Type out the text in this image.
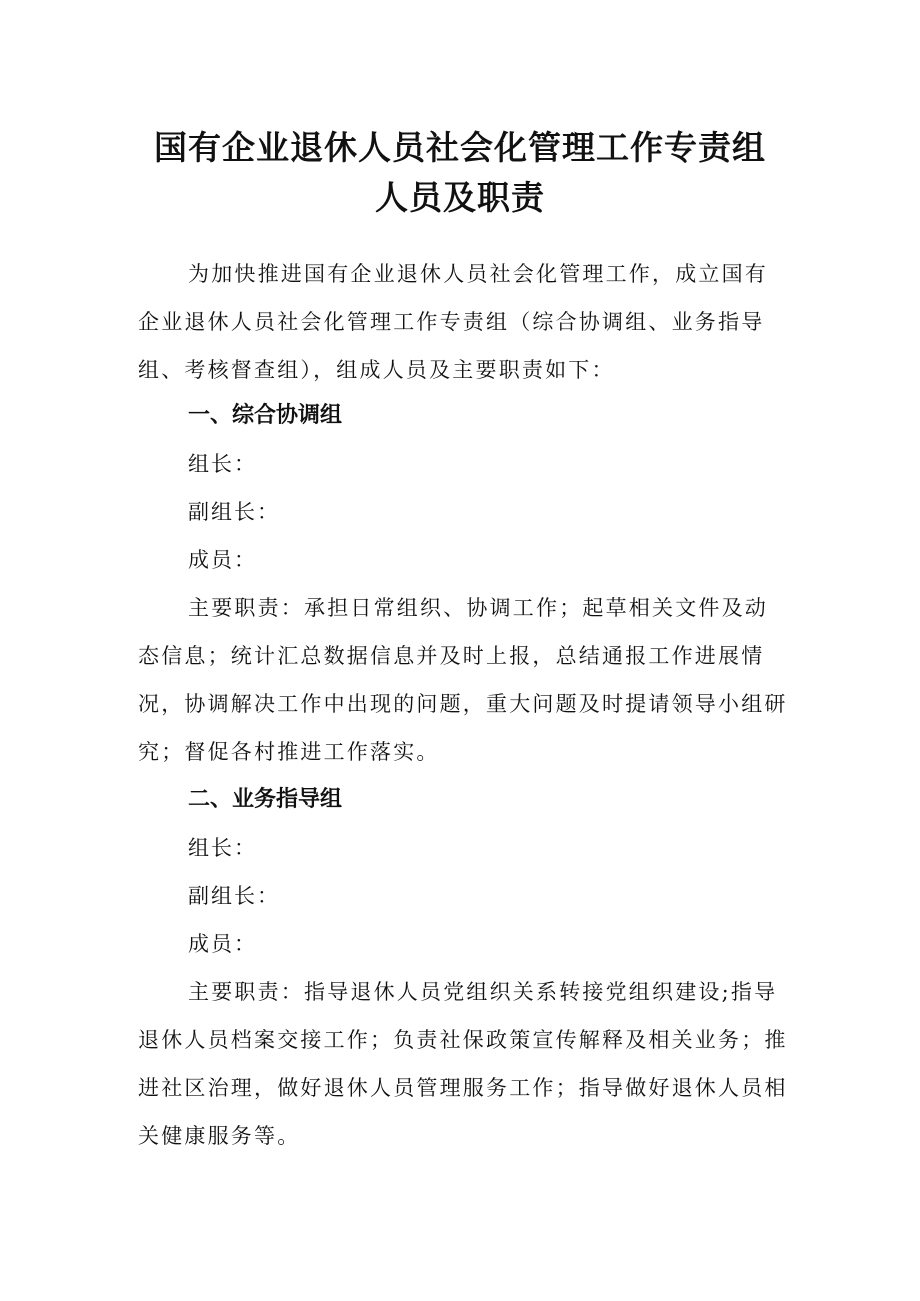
国有企业退休人员社会化管理工作专责组
人员及职责

为加快推进国有企业退休人员社会化管理工作，成立国有企业退休人员社会化管理工作专责组（综合协调组、业务指导组、考核督查组），组成人员及主要职责如下：

一、综合协调组

组长：

副组长：

成员：

主要职责：承担日常组织、协调工作；起草相关文件及动态信息；统计汇总数据信息并及时上报，总结通报工作进展情况，协调解决工作中出现的问题，重大问题及时提请领导小组研究；督促各村推进工作落实。

二、业务指导组

组长：

副组长：

成员：

主要职责：指导退休人员党组织关系转接党组织建设;指导退休人员档案交接工作；负责社保政策宣传解释及相关业务；推进社区治理，做好退休人员管理服务工作；指导做好退休人员相关健康服务等。
